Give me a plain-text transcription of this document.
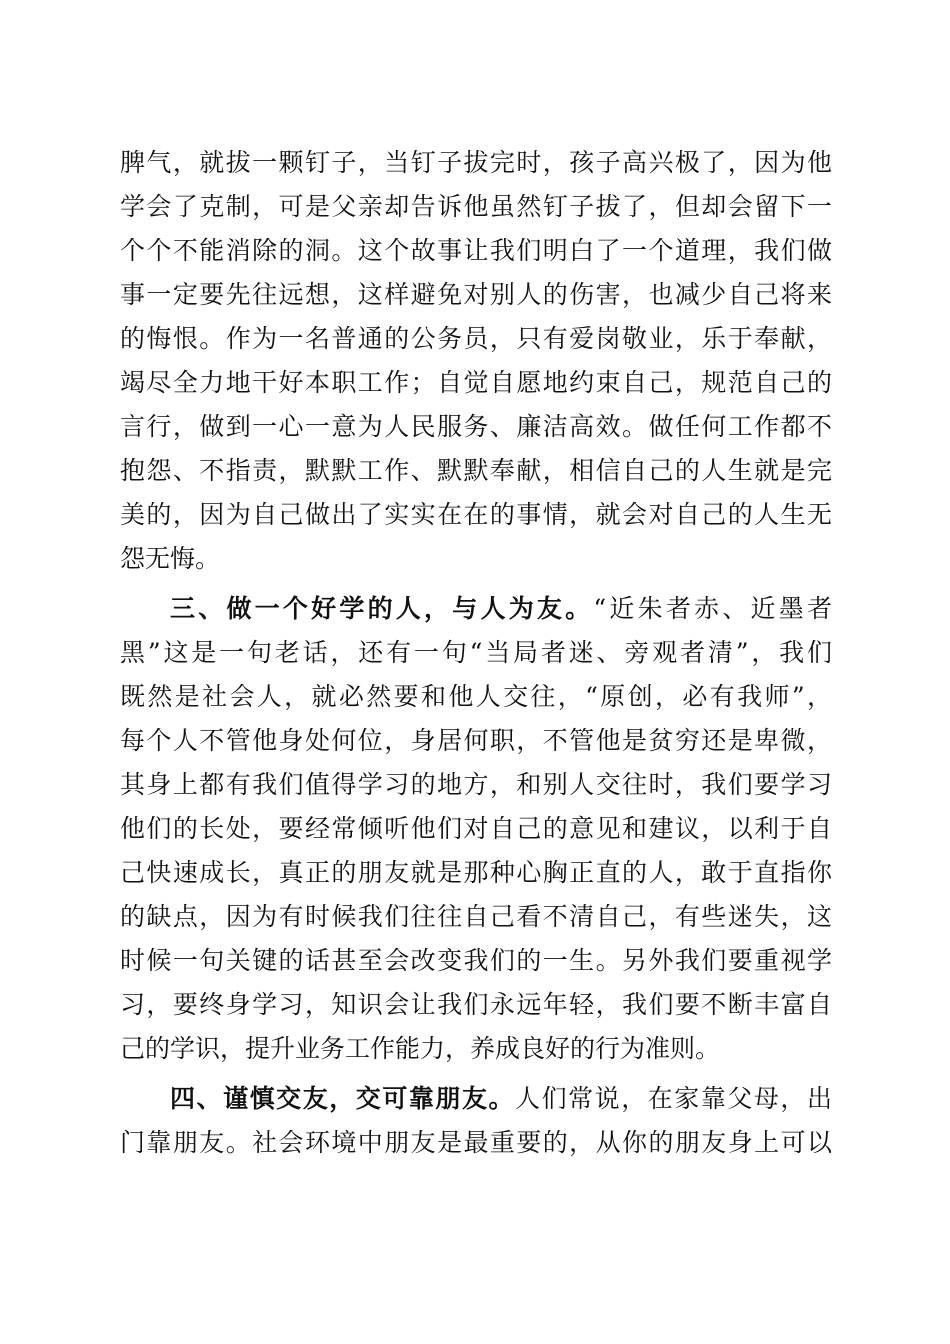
脾气，就拔一颗钉子，当钉子拔完时，孩子高兴极了，因为他
学会了克制，可是父亲却告诉他虽然钉子拔了，但却会留下一
个个不能消除的洞。这个故事让我们明白了一个道理，我们做
事一定要先往远想，这样避免对别人的伤害，也减少自己将来
的悔恨。作为一名普通的公务员，只有爱岗敬业，乐于奉献，
竭尽全力地干好本职工作；自觉自愿地约束自己，规范自己的
言行，做到一心一意为人民服务、廉洁高效。做任何工作都不
抱怨、不指责，默默工作、默默奉献，相信自己的人生就是完
美的，因为自己做出了实实在在的事情，就会对自己的人生无
怨无悔。
三、做一个好学的人，与人为友。“近朱者赤、近墨者
黑”这是一句老话，还有一句“当局者迷、旁观者清”，我们
既然是社会人，就必然要和他人交往，“原创，必有我师”，
每个人不管他身处何位，身居何职，不管他是贫穷还是卑微，
其身上都有我们值得学习的地方，和别人交往时，我们要学习
他们的长处，要经常倾听他们对自己的意见和建议，以利于自
己快速成长，真正的朋友就是那种心胸正直的人，敢于直指你
的缺点，因为有时候我们往往自己看不清自己，有些迷失，这
时候一句关键的话甚至会改变我们的一生。另外我们要重视学
习，要终身学习，知识会让我们永远年轻，我们要不断丰富自
己的学识，提升业务工作能力，养成良好的行为准则。
四、谨慎交友，交可靠朋友。人们常说，在家靠父母，出
门靠朋友。社会环境中朋友是最重要的，从你的朋友身上可以
